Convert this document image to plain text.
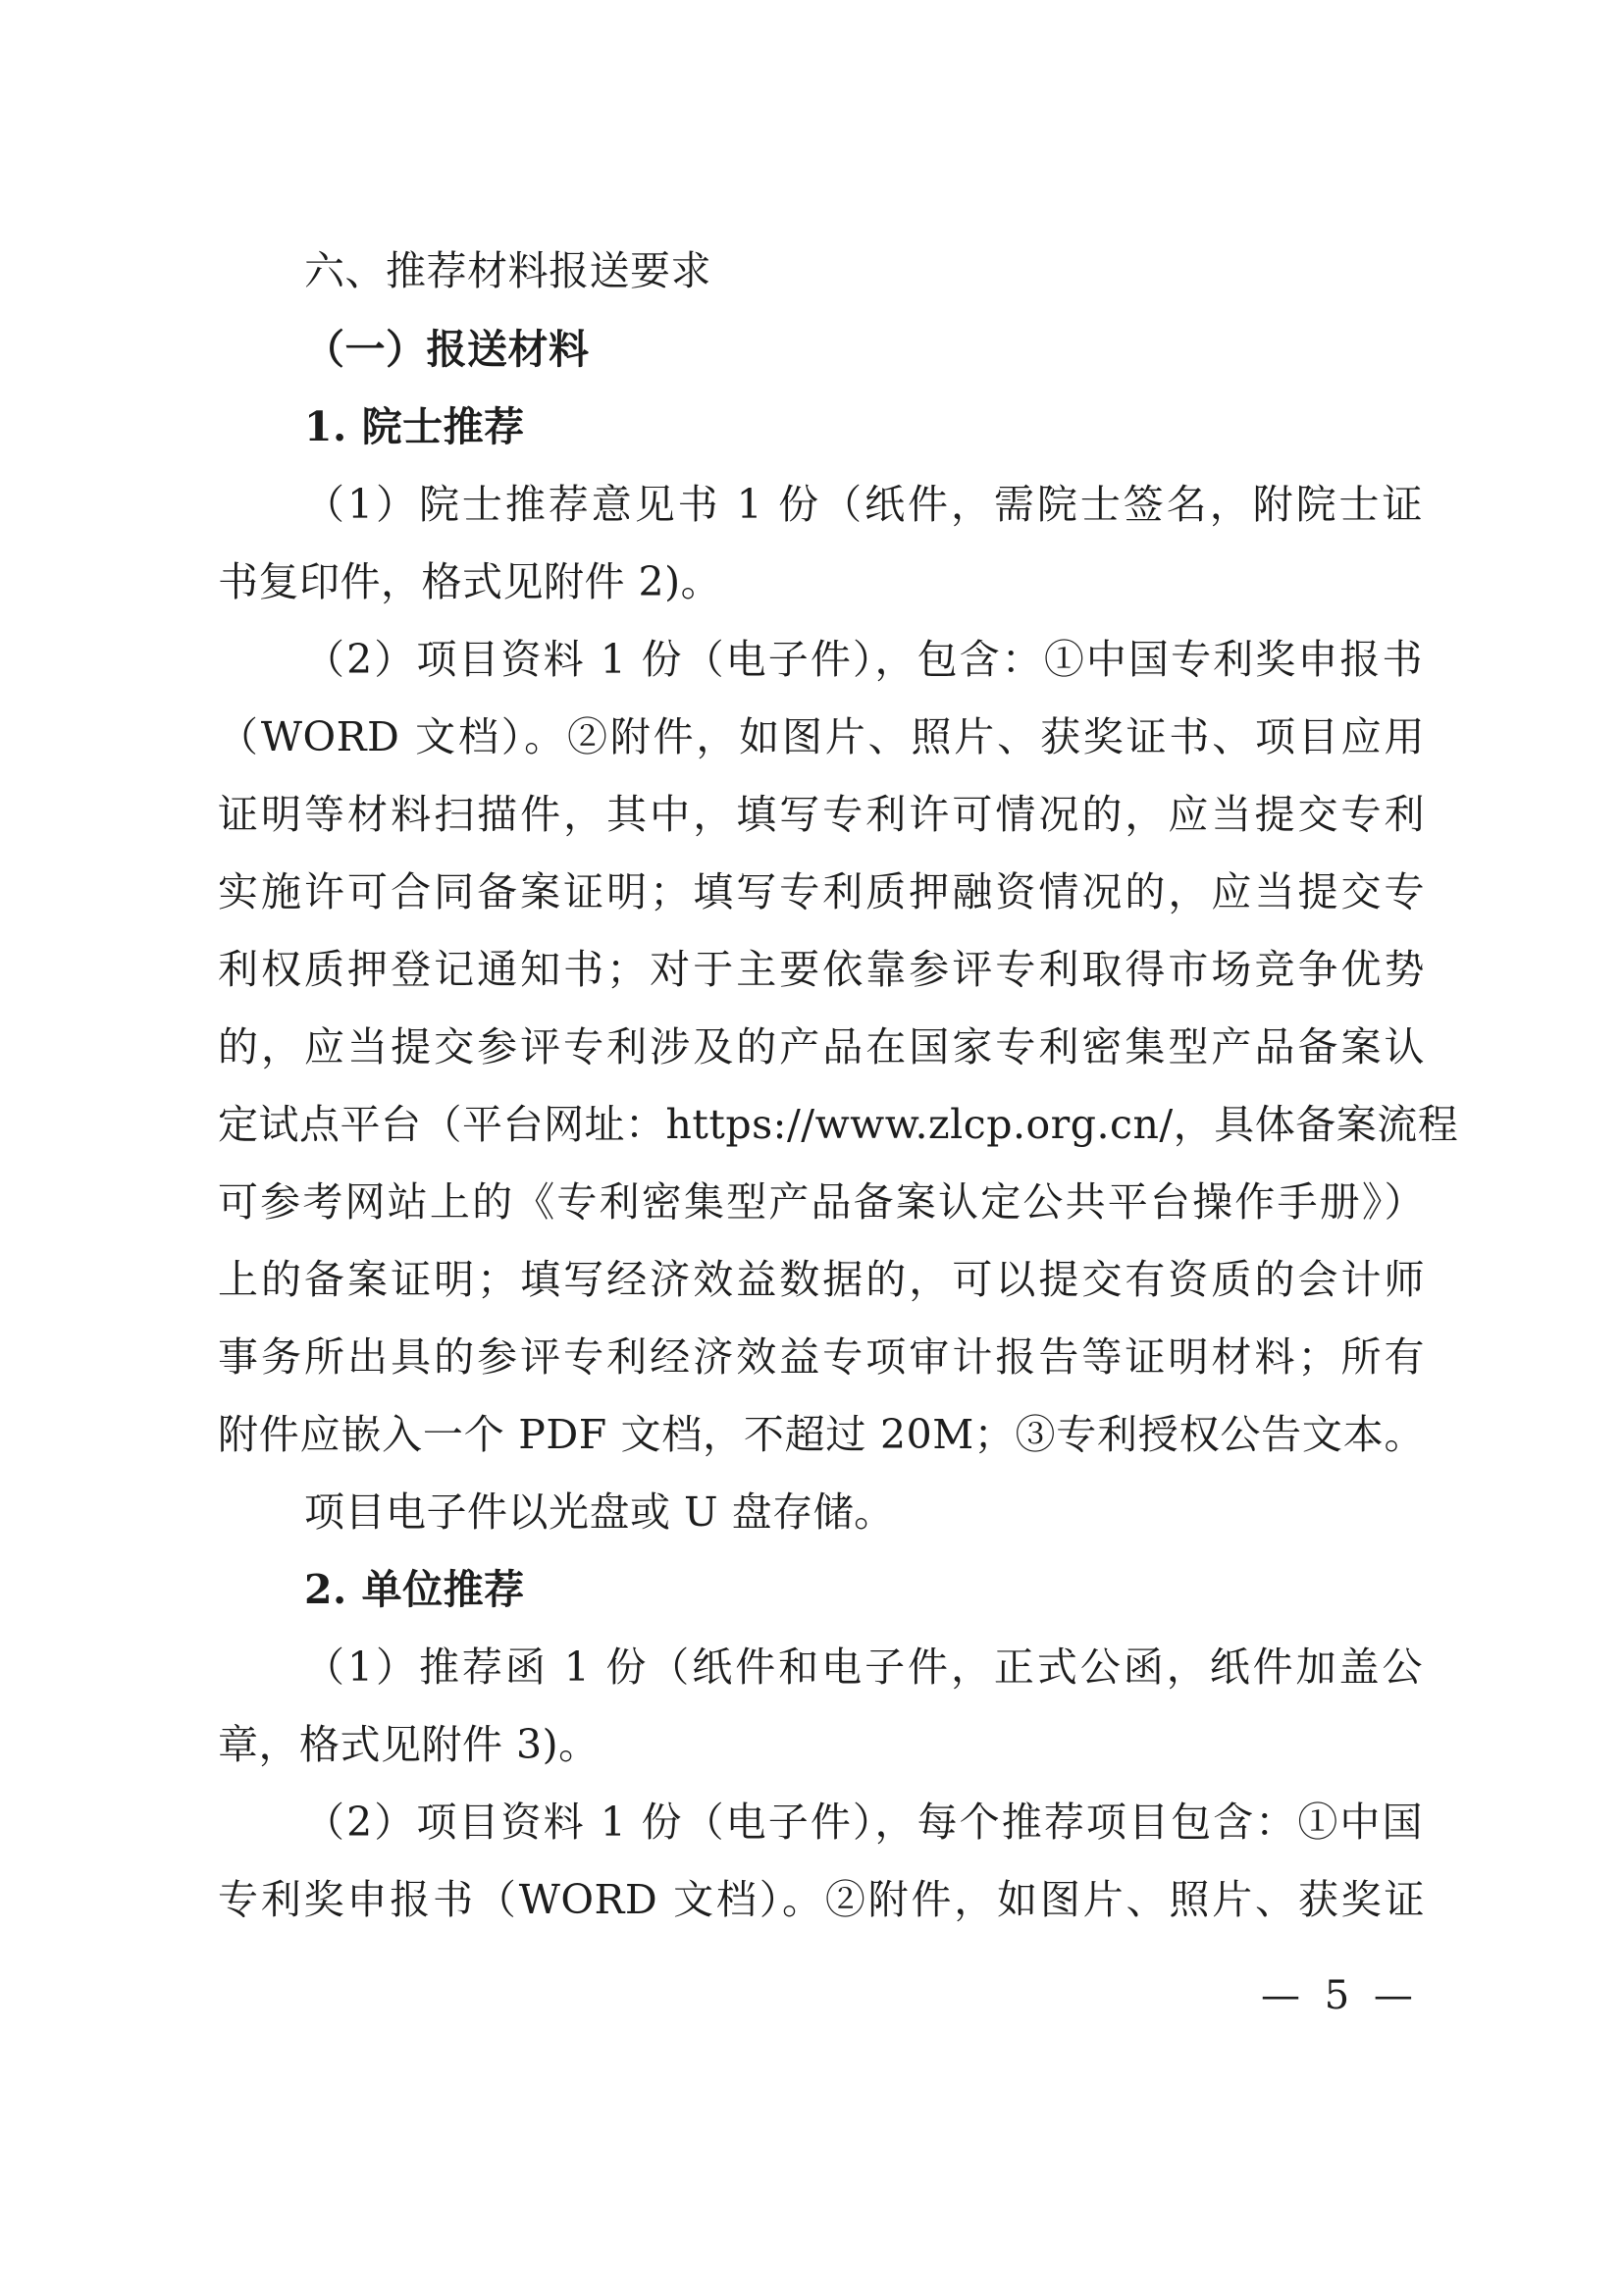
六、推荐材料报送要求
（一）报送材料
1. 院士推荐
（1）院士推荐意见书 1 份（纸件，需院士签名，附院士证
书复印件，格式见附件 2)。
（2）项目资料 1 份（电子件），包含：①中国专利奖申报书
（WORD 文档）。②附件，如图片、照片、获奖证书、项目应用
证明等材料扫描件，其中，填写专利许可情况的，应当提交专利
实施许可合同备案证明；填写专利质押融资情况的，应当提交专
利权质押登记通知书；对于主要依靠参评专利取得市场竞争优势
的，应当提交参评专利涉及的产品在国家专利密集型产品备案认
定试点平台（平台网址：https://www.zlcp.org.cn/，具体备案流程
可参考网站上的《专利密集型产品备案认定公共平台操作手册》）
上的备案证明；填写经济效益数据的，可以提交有资质的会计师
事务所出具的参评专利经济效益专项审计报告等证明材料；所有
附件应嵌入一个 PDF 文档，不超过 20M；③专利授权公告文本。
项目电子件以光盘或 U 盘存储。
2. 单位推荐
（1）推荐函 1 份（纸件和电子件，正式公函，纸件加盖公
章，格式见附件 3)。
（2）项目资料 1 份（电子件），每个推荐项目包含：①中国
专利奖申报书（WORD 文档）。②附件，如图片、照片、获奖证
— 5 —
